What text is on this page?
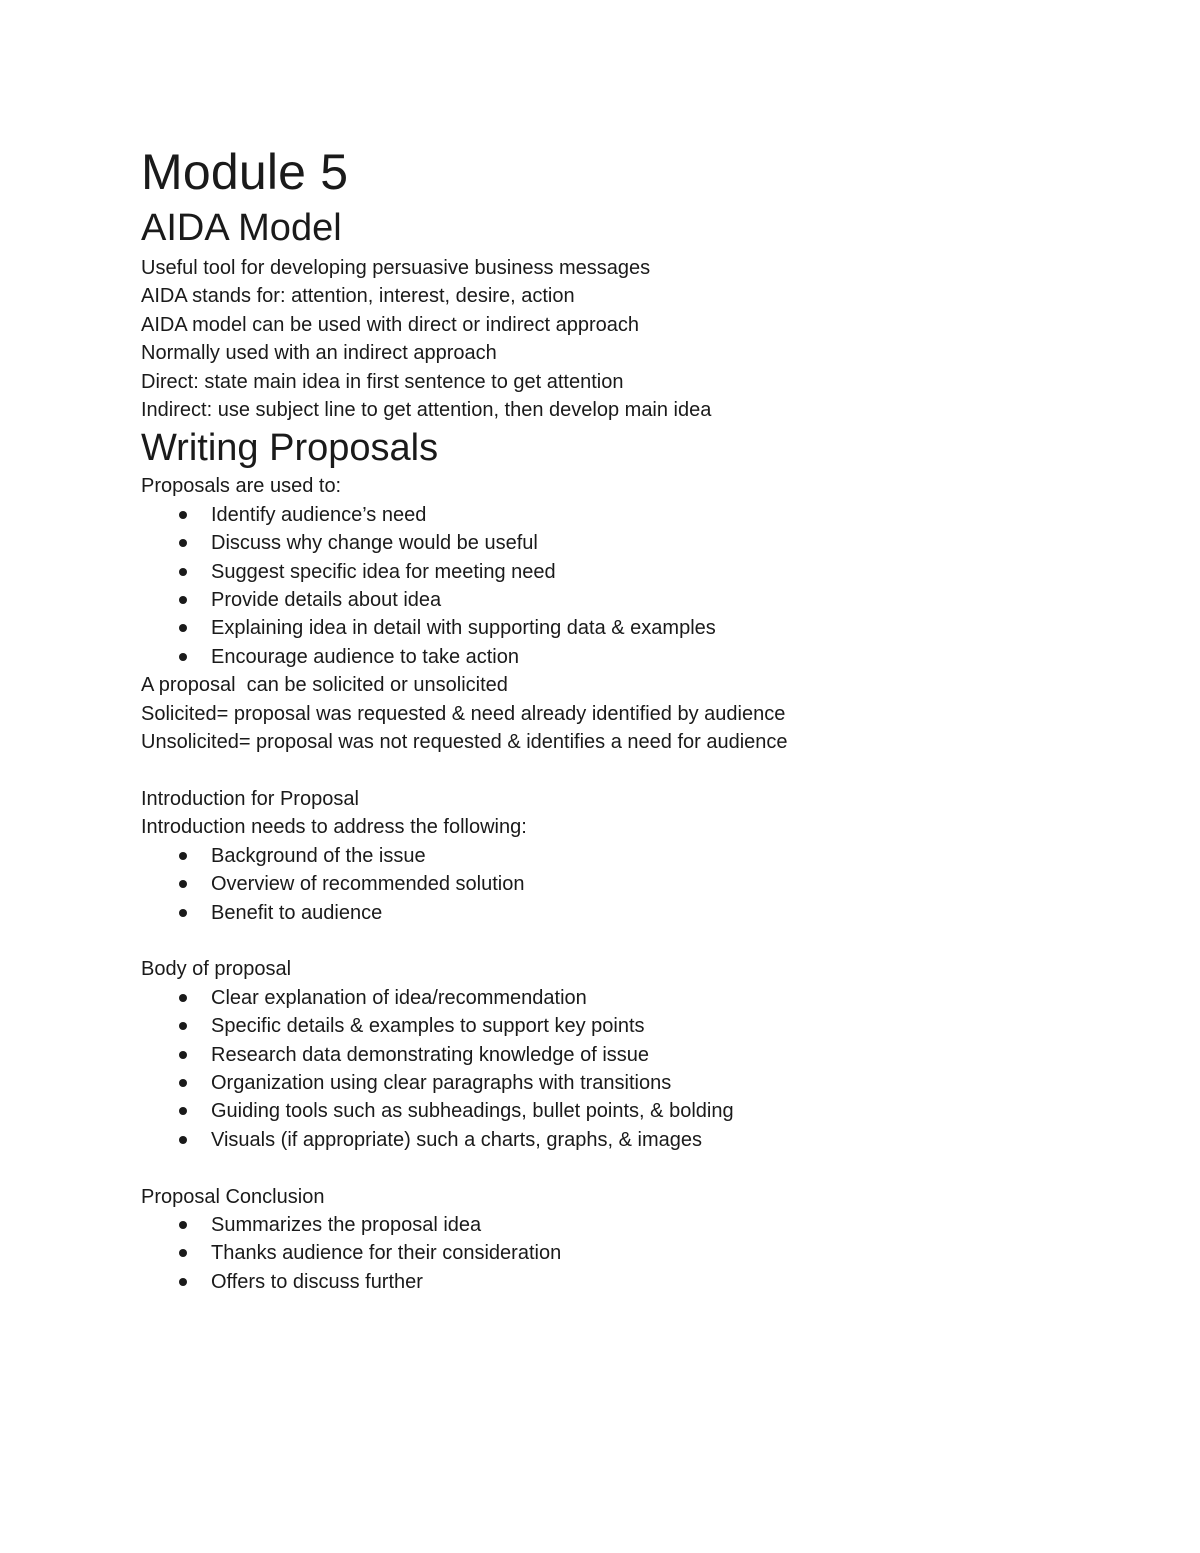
Module 5
AIDA Model

Useful tool for developing persuasive business messages

AIDA stands for: attention, interest, desire, action

AIDA model can be used with direct or indirect approach

Normally used with an indirect approach

Direct: state main idea in first sentence to get attention

Indirect: use subject line to get attention, then develop main idea

Writing Proposals

Proposals are used to:

Identify audience’s need
Discuss why change would be useful
Suggest specific idea for meeting need
Provide details about idea
Explaining idea in detail with supporting data & examples
Encourage audience to take action

A proposal  can be solicited or unsolicited

Solicited= proposal was requested & need already identified by audience

Unsolicited= proposal was not requested & identifies a need for audience

Introduction for Proposal

Introduction needs to address the following:

Background of the issue
Overview of recommended solution
Benefit to audience

Body of proposal

Clear explanation of idea/recommendation
Specific details & examples to support key points
Research data demonstrating knowledge of issue
Organization using clear paragraphs with transitions
Guiding tools such as subheadings, bullet points, & bolding
Visuals (if appropriate) such a charts, graphs, & images

Proposal Conclusion

Summarizes the proposal idea
Thanks audience for their consideration
Offers to discuss further
